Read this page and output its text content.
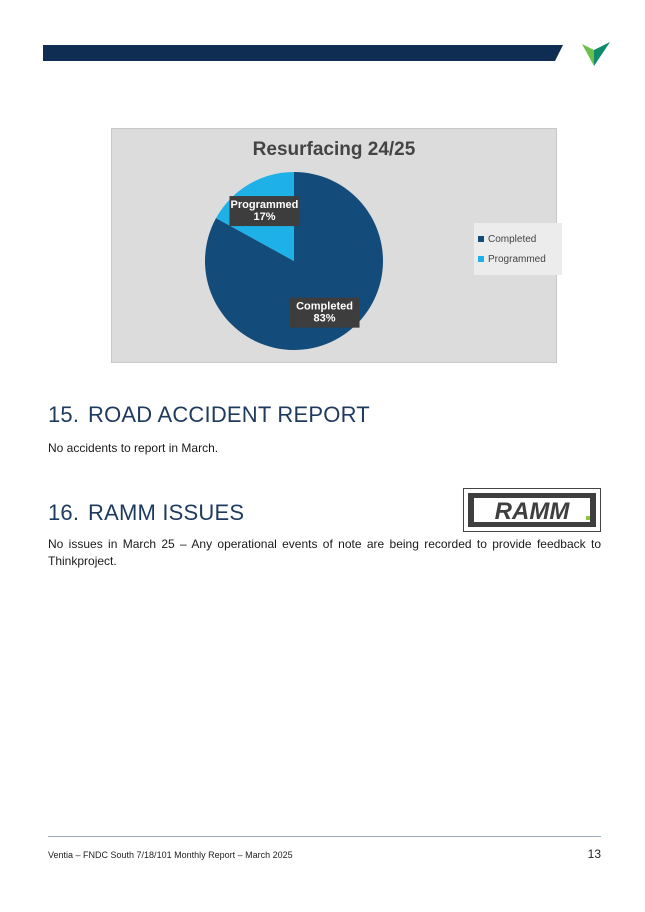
Resurfacing 24/25
Completed
83%
Programmed
17%
Completed
Programmed
15. ROAD ACCIDENT REPORT
No accidents to report in March.
16. RAMM ISSUES	RAMM
No issues in March 25 – Any operational events of note are being recorded to provide feedback to Thinkproject.
Ventia – FNDC South 7/18/101 Monthly Report – March 2025	13
